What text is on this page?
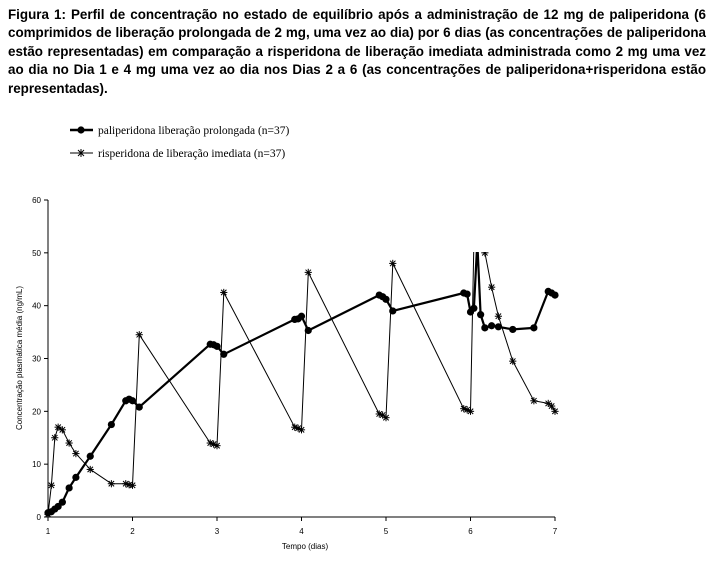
Figura 1: Perfil de concentração no estado de equilíbrio após a administração de 12 mg de paliperidona (6 comprimidos de liberação prolongada de 2 mg, uma vez ao dia) por 6 dias (as concentrações de paliperidona estão representadas) em comparação a risperidona de liberação imediata administrada como 2 mg uma vez ao dia no Dia 1 e 4 mg uma vez ao dia nos Dias 2 a 6 (as concentrações de paliperidona+risperidona estão representadas).

paliperidona liberação prolongada (n=37)
risperidona de liberação imediata (n=37)
0
10
20
30
40
50
60
1	2	3	4	5	6	7
Tempo (dias)
Concentração plasmática média (ng/mL)
